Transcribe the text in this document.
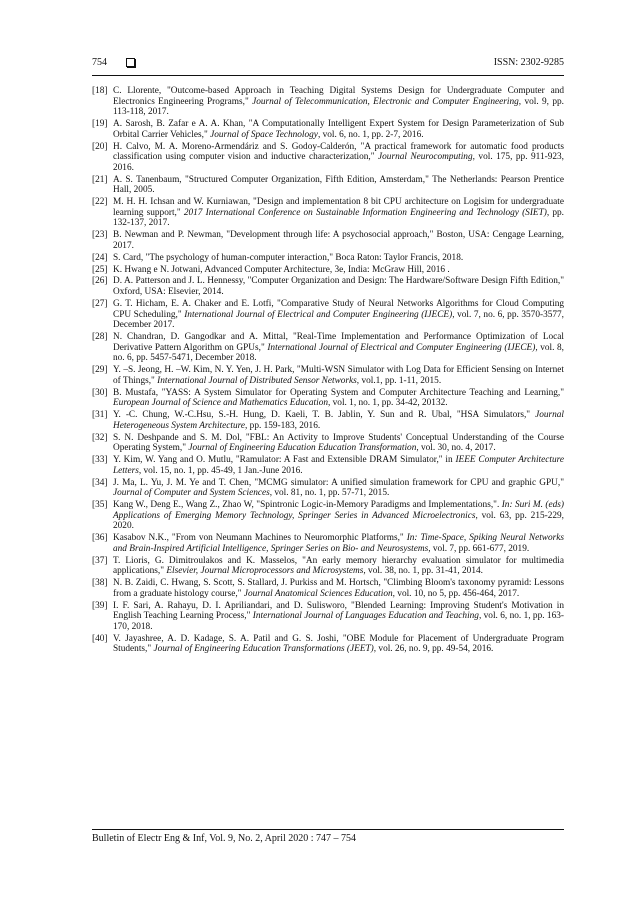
754	ISSN: 2302-9285
[18] C. Llorente, "Outcome-based Approach in Teaching Digital Systems Design for Undergraduate Computer and Electronics Engineering Programs," Journal of Telecommunication, Electronic and Computer Engineering, vol. 9, pp. 113-118, 2017.
[19] A. Sarosh, B. Zafar e A. A. Khan, "A Computationally Intelligent Expert System for Design Parameterization of Sub Orbital Carrier Vehicles," Journal of Space Technology, vol. 6, no. 1, pp. 2-7, 2016.
[20] H. Calvo, M. A. Moreno-Armendáriz and S. Godoy-Calderón, "A practical framework for automatic food products classification using computer vision and inductive characterization," Journal Neurocomputing, vol. 175, pp. 911-923, 2016.
[21] A. S. Tanenbaum, "Structured Computer Organization, Fifth Edition, Amsterdam," The Netherlands: Pearson Prentice Hall, 2005.
[22] M. H. H. Ichsan and W. Kurniawan, "Design and implementation 8 bit CPU architecture on Logisim for undergraduate learning support," 2017 International Conference on Sustainable Information Engineering and Technology (SIET), pp. 132-137, 2017.
[23] B. Newman and P. Newman, "Development through life: A psychosocial approach," Boston, USA: Cengage Learning, 2017.
[24] S. Card, "The psychology of human-computer interaction," Boca Raton: Taylor Francis, 2018.
[25] K. Hwang e N. Jotwani, Advanced Computer Architecture, 3e, India: McGraw Hill, 2016 .
[26] D. A. Patterson and J. L. Hennessy, "Computer Organization and Design: The Hardware/Software Design Fifth Edition," Oxford, USA: Elsevier, 2014.
[27] G. T. Hicham, E. A. Chaker and E. Lotfi, "Comparative Study of Neural Networks Algorithms for Cloud Computing CPU Scheduling," International Journal of Electrical and Computer Engineering (IJECE), vol. 7, no. 6, pp. 3570-3577, December 2017.
[28] N. Chandran, D. Gangodkar and A. Mittal, "Real-Time Implementation and Performance Optimization of Local Derivative Pattern Algorithm on GPUs," International Journal of Electrical and Computer Engineering (IJECE), vol. 8, no. 6, pp. 5457-5471, December 2018.
[29] Y. –S. Jeong, H. –W. Kim, N. Y. Yen, J. H. Park, "Multi-WSN Simulator with Log Data for Efficient Sensing on Internet of Things," International Journal of Distributed Sensor Networks, vol.1, pp. 1-11, 2015.
[30] B. Mustafa, "YASS: A System Simulator for Operating System and Computer Architecture Teaching and Learning," European Journal of Science and Mathematics Education, vol. 1, no. 1, pp. 34-42, 20132.
[31] Y. -C. Chung, W.-C.Hsu, S.-H. Hung, D. Kaeli, T. B. Jablin, Y. Sun and R. Ubal, "HSA Simulators," Journal Heterogeneous System Architecture, pp. 159-183, 2016.
[32] S. N. Deshpande and S. M. Dol, "FBL: An Activity to Improve Students' Conceptual Understanding of the Course Operating System," Journal of Engineering Education Education Transformation, vol. 30, no. 4, 2017.
[33] Y. Kim, W. Yang and O. Mutlu, "Ramulator: A Fast and Extensible DRAM Simulator," in IEEE Computer Architecture Letters, vol. 15, no. 1, pp. 45-49, 1 Jan.-June 2016.
[34] J. Ma, L. Yu, J. M. Ye and T. Chen, "MCMG simulator: A unified simulation framework for CPU and graphic GPU," Journal of Computer and System Sciences, vol. 81, no. 1, pp. 57-71, 2015.
[35] Kang W., Deng E., Wang Z., Zhao W, "Spintronic Logic-in-Memory Paradigms and Implementations,". In: Suri M. (eds) Applications of Emerging Memory Technology, Springer Series in Advanced Microelectronics, vol. 63, pp. 215-229, 2020.
[36] Kasabov N.K., "From von Neumann Machines to Neuromorphic Platforms," In: Time-Space, Spiking Neural Networks and Brain-Inspired Artificial Intelligence, Springer Series on Bio- and Neurosystems, vol. 7, pp. 661-677, 2019.
[37] T. Lioris, G. Dimitroulakos and K. Masselos, "An early memory hierarchy evaluation simulator for multimedia applications," Elsevier, Journal Microprocessors and Microsystems, vol. 38, no. 1, pp. 31-41, 2014.
[38] N. B. Zaidi, C. Hwang, S. Scott, S. Stallard, J. Purkiss and M. Hortsch, "Climbing Bloom's taxonomy pyramid: Lessons from a graduate histology course," Journal Anatomical Sciences Education, vol. 10, no 5, pp. 456-464, 2017.
[39] I. F. Sari, A. Rahayu, D. I. Apriliandari, and D. Sulisworo, "Blended Learning: Improving Student's Motivation in English Teaching Learning Process," International Journal of Languages Education and Teaching, vol. 6, no. 1, pp. 163-170, 2018.
[40] V. Jayashree, A. D. Kadage, S. A. Patil and G. S. Joshi, "OBE Module for Placement of Undergraduate Program Students," Journal of Engineering Education Transformations (JEET), vol. 26, no. 9, pp. 49-54, 2016.
Bulletin of Electr Eng & Inf, Vol. 9, No. 2, April 2020 : 747 – 754
